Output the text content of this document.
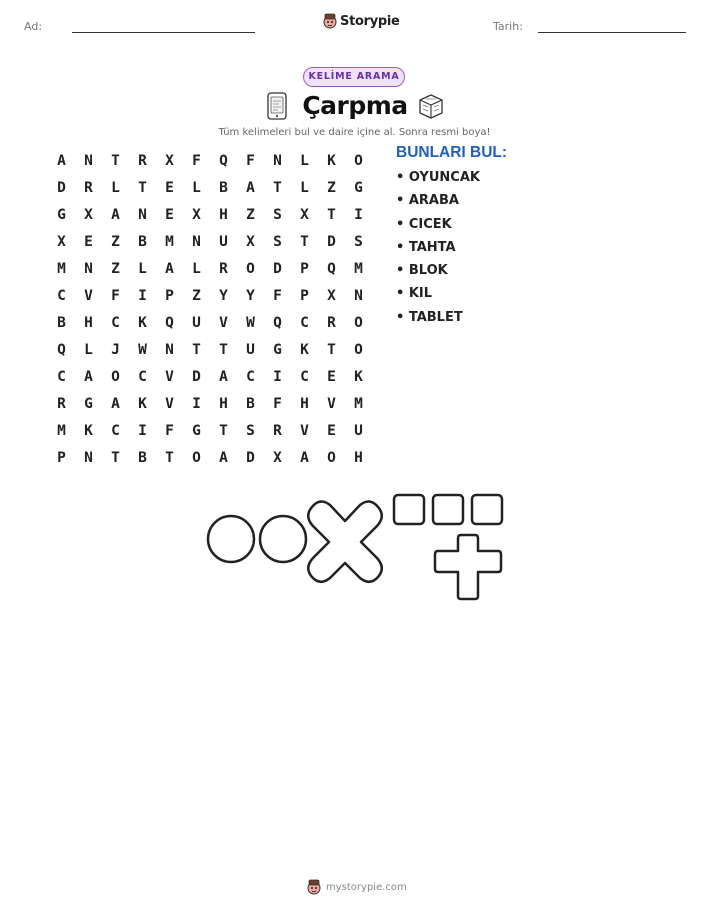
Ad:	Storypie	Tarih:
KELİME ARAMA
Çarpma
Tüm kelimeleri bul ve daire içine al. Sonra resmi boya!
A	N	T	R	X	F	Q	F	N	L	K	O
D	R	L	T	E	L	B	A	T	L	Z	G
G	X	A	N	E	X	H	Z	S	X	T	I
X	E	Z	B	M	N	U	X	S	T	D	S
M	N	Z	L	A	L	R	O	D	P	Q	M
C	V	F	I	P	Z	Y	Y	F	P	X	N
B	H	C	K	Q	U	V	W	Q	C	R	O
Q	L	J	W	N	T	T	U	G	K	T	O
C	A	O	C	V	D	A	C	I	C	E	K
R	G	A	K	V	I	H	B	F	H	V	M
M	K	C	I	F	G	T	S	R	V	E	U
P	N	T	B	T	O	A	D	X	A	O	H
BUNLARI BUL:
• OYUNCAK
• ARABA
• CICEK
• TAHTA
• BLOK
• KIL
• TABLET
mystorypie.com
